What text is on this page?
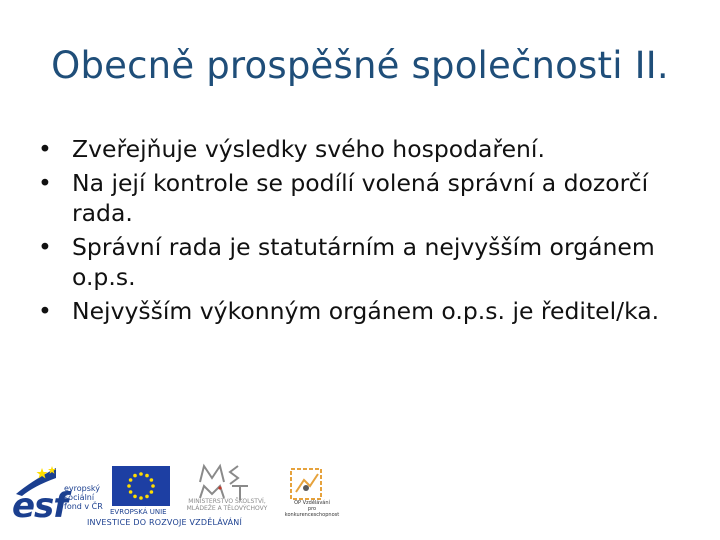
Obecně prospěšné společnosti II.
• Zveřejňuje výsledky svého hospodaření.
• Na její kontrole se podílí volená správní a dozorčí rada.
• Správní rada je statutárním a nejvyšším orgánem o.p.s.
• Nejvyšším výkonným orgánem o.p.s. je ředitel/ka.
esf
evropský
sociální
fond v ČR
EVROPSKÁ UNIE
MINISTERSTVO ŠKOLSTVÍ,
MLÁDEŽE A TĚLOVÝCHOVY
OP Vzdělávání
pro konkurenceschopnost
INVESTICE DO ROZVOJE VZDĚLÁVÁNÍ
